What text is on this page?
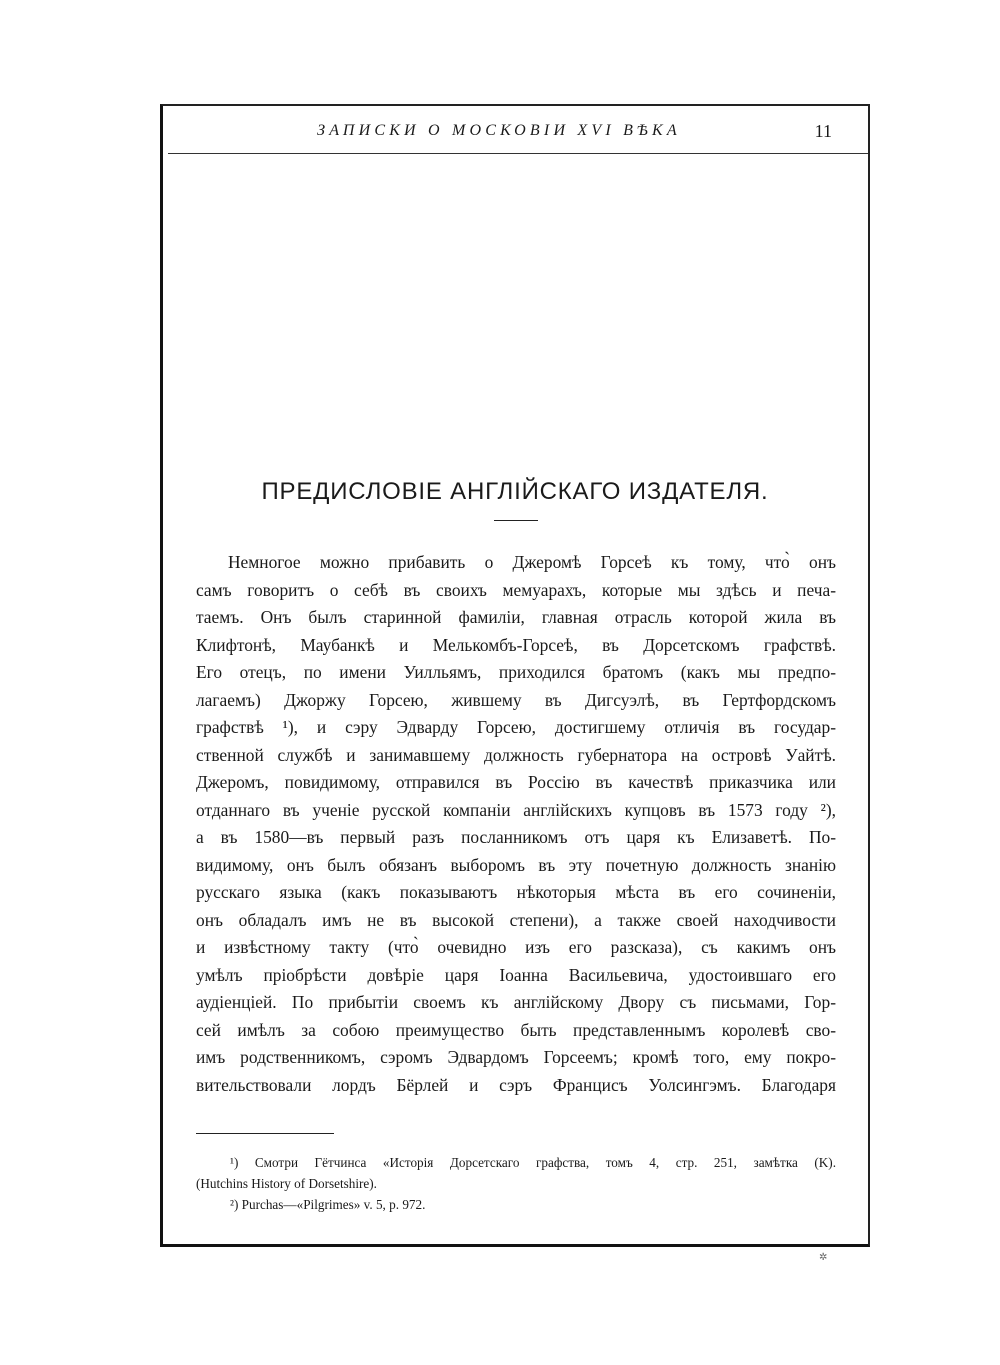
ЗАПИСКИ О МОСКОВІИ XVI ВѢКА	11
ПРЕДИСЛОВІЕ АНГЛІЙСКАГО ИЗДАТЕЛЯ.
Немногое можно прибавить о Джеромѣ Горсеѣ къ тому, что̀ онъ
самъ говоритъ о себѣ въ своихъ мемуарахъ, которые мы здѣсь и печа-
таемъ. Онъ былъ старинной фамиліи, главная отрасль которой жила въ
Клифтонѣ, Маубанкѣ и Мелькомбъ-Горсеѣ, въ Дорсетскомъ графствѣ.
Его отецъ, по имени Уилльямъ, приходился братомъ (какъ мы предпо-
лагаемъ) Джоржу Горсею, жившему въ Дигсуэлѣ, въ Гертфордскомъ
графствѣ ¹), и сэру Эдварду Горсею, достигшему отличія въ государ-
ственной службѣ и занимавшему должность губернатора на островѣ Уайтѣ.
Джеромъ, повидимому, отправился въ Россію въ качествѣ приказчика или
отданнаго въ ученіе русской компаніи англійскихъ купцовъ въ 1573 году ²),
а въ 1580—въ первый разъ посланникомъ отъ царя къ Елизаветѣ. По-
видимому, онъ былъ обязанъ выборомъ въ эту почетную должность знанію
русскаго языка (какъ показываютъ нѣкоторыя мѣста въ его сочиненіи,
онъ обладалъ имъ не въ высокой степени), а также своей находчивости
и извѣстному такту (что̀ очевидно изъ его разсказа), съ какимъ онъ
умѣлъ пріобрѣсти довѣріе царя Іоанна Васильевича, удостоившаго его
аудіенціей. По прибытіи своемъ къ англійскому Двору съ письмами, Гор-
сей имѣлъ за собою преимущество быть представленнымъ королевѣ сво-
имъ родственникомъ, сэромъ Эдвардомъ Горсеемъ; кромѣ того, ему покро-
вительствовали лордъ Бёрлей и сэръ Францисъ Уолсингэмъ. Благодаря
¹) Смотри Гётчинса «Исторія Дорсетскаго графства, томъ 4, стр. 251, замѣтка (K).
(Hutchins History of Dorsetshire).
²) Purchas—«Pilgrimes» v. 5, p. 972.
✲
